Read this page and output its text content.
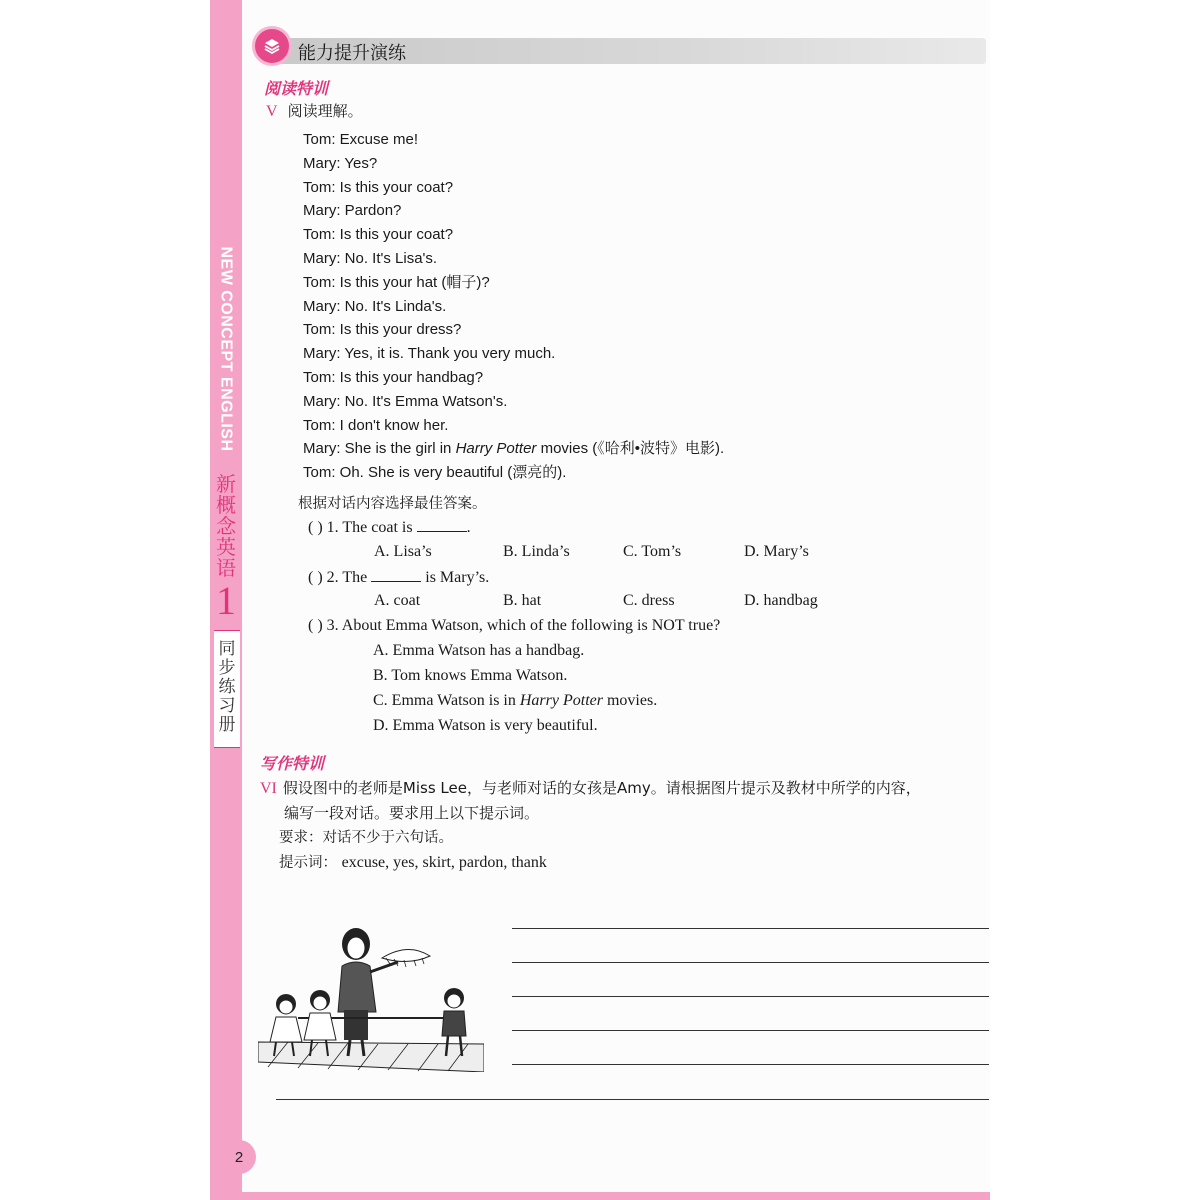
NEW CONCEPT ENGLISH
新
概
念
英
语
1
同
步
练
习
册
能力提升演练
阅读特训
V 阅读理解。
Tom: Excuse me!
Mary: Yes?
Tom: Is this your coat?
Mary: Pardon?
Tom: Is this your coat?
Mary: No. It's Lisa's.
Tom: Is this your hat (帽子)?
Mary: No. It's Linda's.
Tom: Is this your dress?
Mary: Yes, it is. Thank you very much.
Tom: Is this your handbag?
Mary: No. It's Emma Watson's.
Tom: I don't know her.
Mary: She is the girl in Harry Potter movies (《哈利•波特》电影).
Tom: Oh. She is very beautiful (漂亮的).
根据对话内容选择最佳答案。
( ) 1. The coat is	.
A. Lisa’s	B. Linda’s	C. Tom’s	D. Mary’s
( ) 2. The	is Mary’s.
A. coat	B. hat	C. dress	D. handbag
( ) 3. About Emma Watson, which of the following is NOT true?
A. Emma Watson has a handbag.
B. Tom knows Emma Watson.
C. Emma Watson is in Harry Potter movies.
D. Emma Watson is very beautiful.
写作特训
VI 假设图中的老师是Miss Lee，与老师对话的女孩是Amy。请根据图片提示及教材中所学的内容，
编写一段对话。要求用上以下提示词。
要求：对话不少于六句话。
提示词： excuse, yes, skirt, pardon, thank
2
